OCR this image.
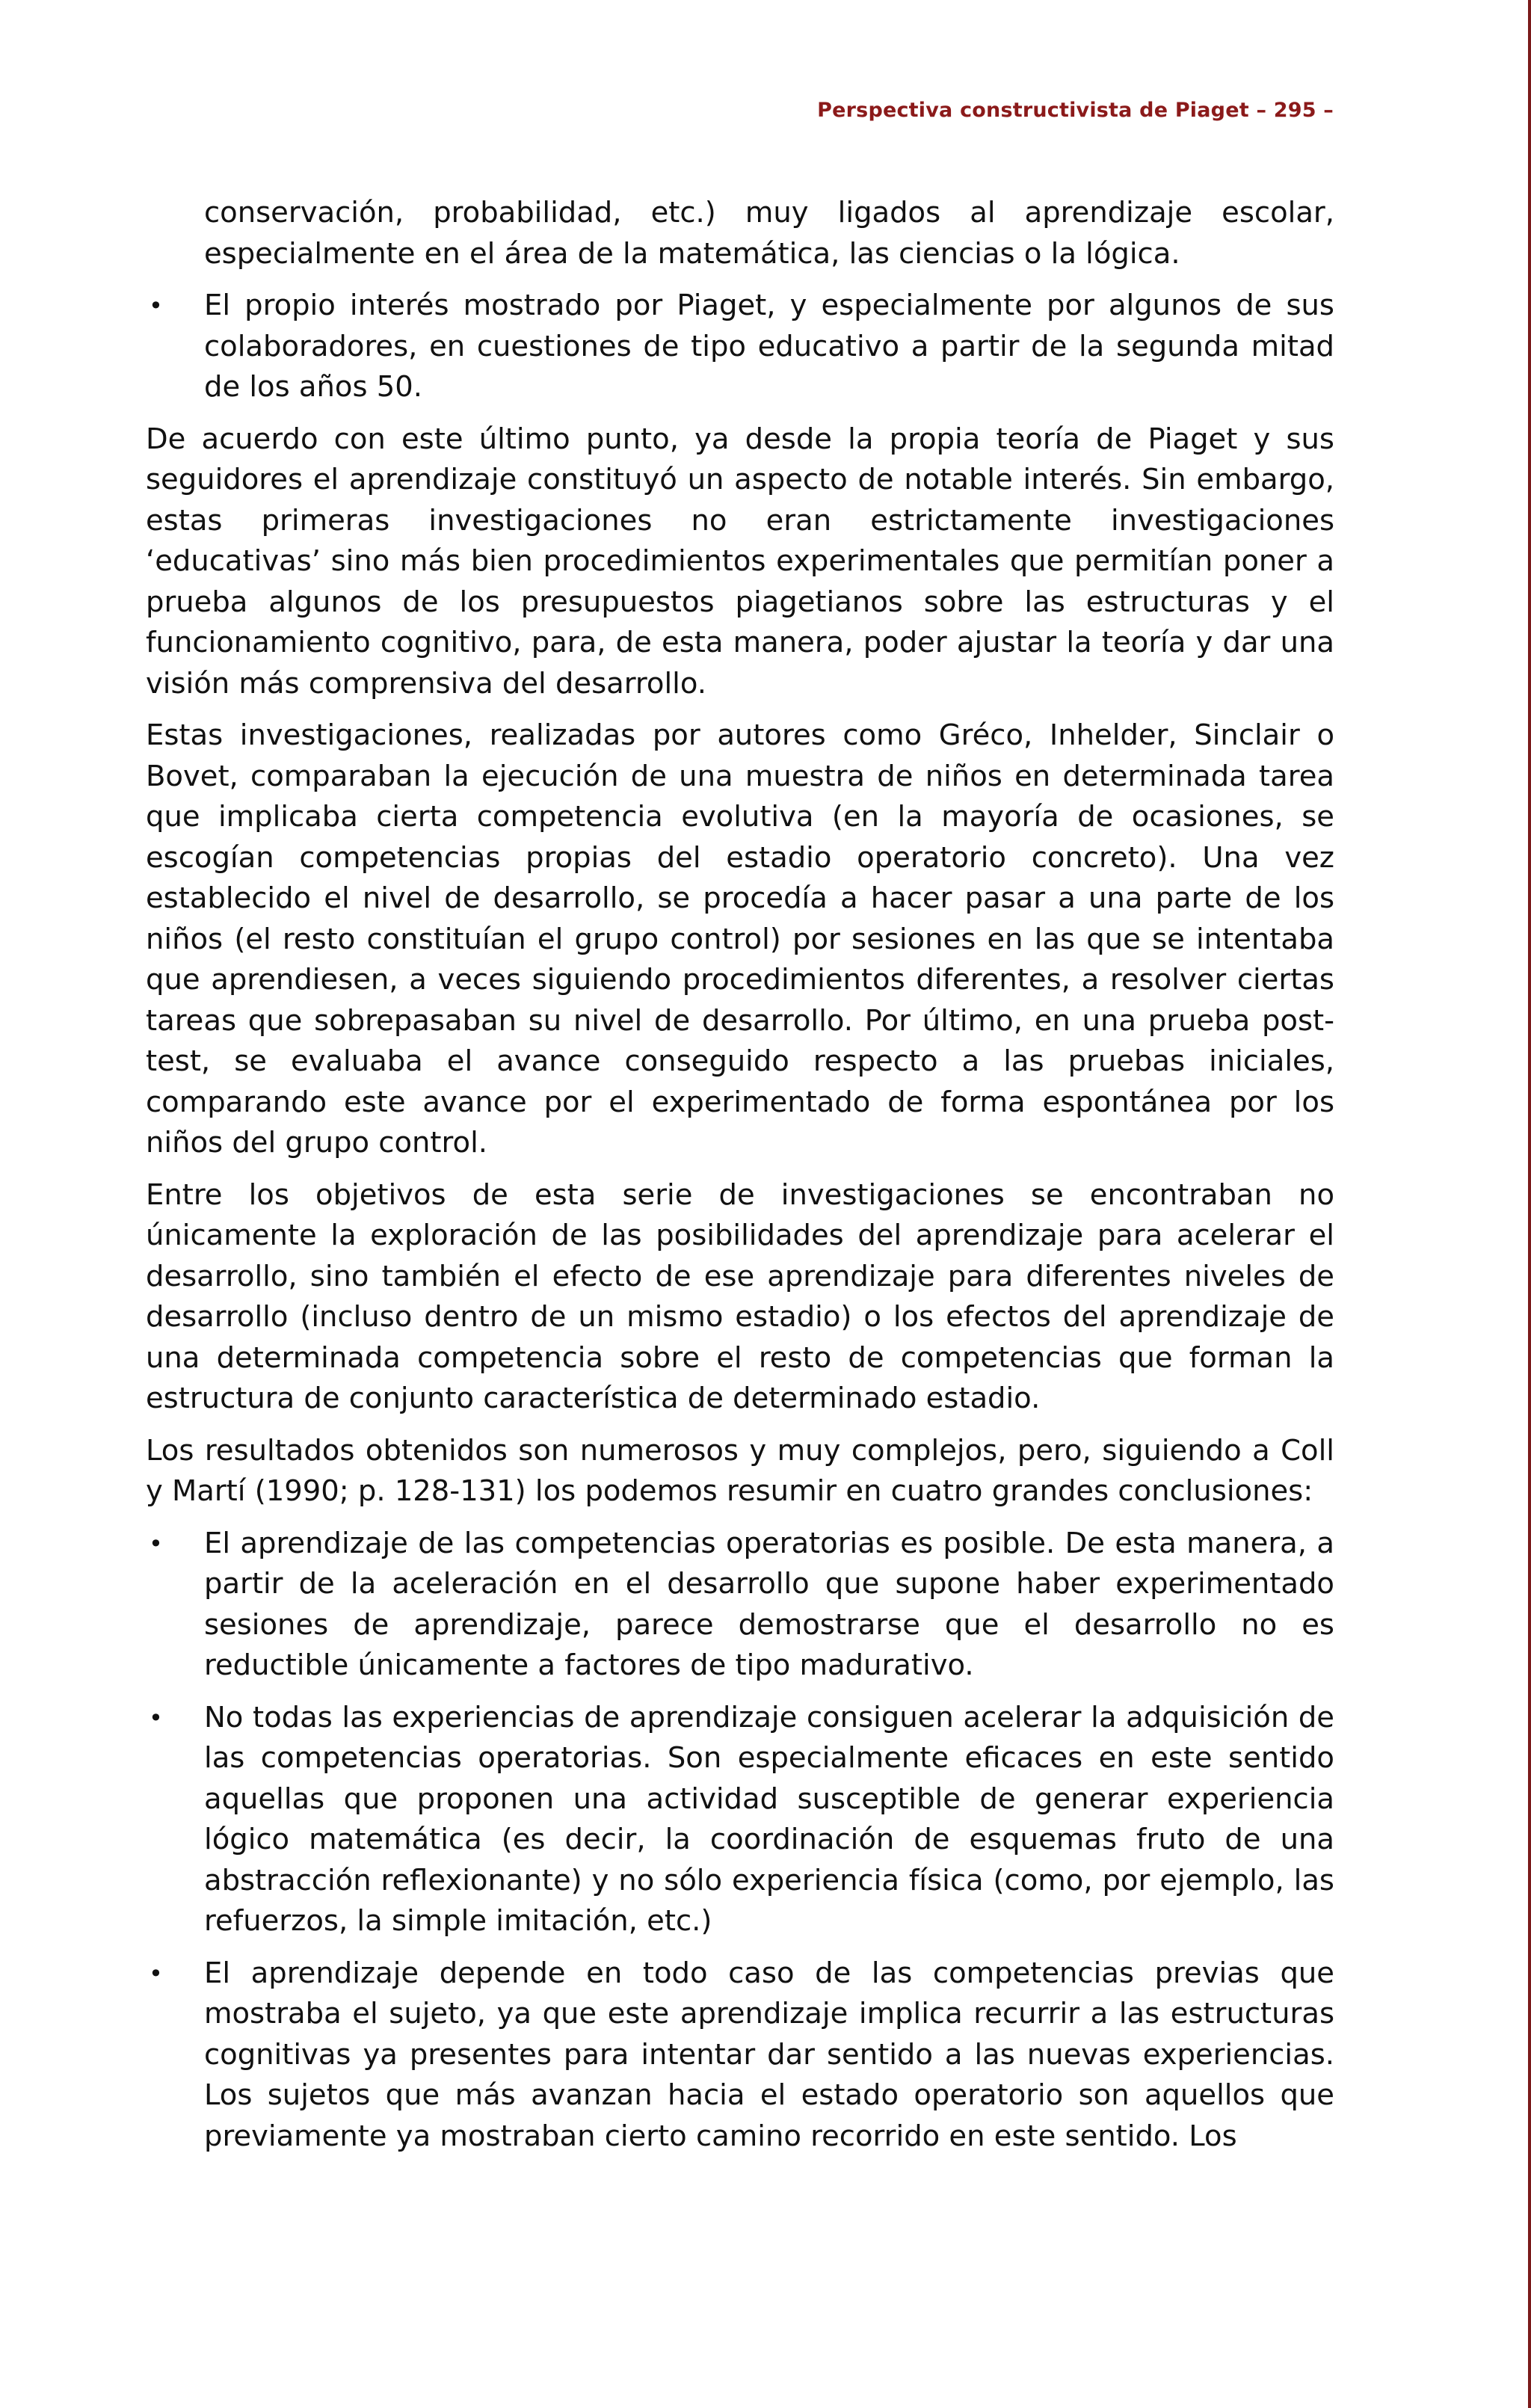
Perspectiva constructivista de Piaget – 295 –
conservación, probabilidad, etc.) muy ligados al aprendizaje escolar, especialmente en el área de la matemática, las ciencias o la lógica.
• El propio interés mostrado por Piaget, y especialmente por algunos de sus colaboradores, en cuestiones de tipo educativo a partir de la segunda mitad de los años 50.

De acuerdo con este último punto, ya desde la propia teoría de Piaget y sus seguidores el aprendizaje constituyó un aspecto de notable interés. Sin embargo, estas primeras investigaciones no eran estrictamente investigaciones ‘educativas’ sino más bien procedimientos experimentales que permitían poner a prueba algunos de los presupuestos piagetianos sobre las estructuras y el funcionamiento cognitivo, para, de esta manera, poder ajustar la teoría y dar una visión más comprensiva del desarrollo.

Estas investigaciones, realizadas por autores como Gréco, Inhelder, Sinclair o Bovet, comparaban la ejecución de una muestra de niños en determinada tarea que implicaba cierta competencia evolutiva (en la mayoría de ocasiones, se escogían competencias propias del estadio operatorio concreto). Una vez establecido el nivel de desarrollo, se procedía a hacer pasar a una parte de los niños (el resto constituían el grupo control) por sesiones en las que se intentaba que aprendiesen, a veces siguiendo procedimientos diferentes, a resolver ciertas tareas que sobrepasaban su nivel de desarrollo. Por último, en una prueba post-test, se evaluaba el avance conseguido respecto a las pruebas iniciales, comparando este avance por el experimentado de forma espontánea por los niños del grupo control.

Entre los objetivos de esta serie de investigaciones se encontraban no únicamente la exploración de las posibilidades del aprendizaje para acelerar el desarrollo, sino también el efecto de ese aprendizaje para diferentes niveles de desarrollo (incluso dentro de un mismo estadio) o los efectos del aprendizaje de una determinada competencia sobre el resto de competencias que forman la estructura de conjunto característica de determinado estadio.

Los resultados obtenidos son numerosos y muy complejos, pero, siguiendo a Coll y Martí (1990; p. 128-131) los podemos resumir en cuatro grandes conclusiones:

• El aprendizaje de las competencias operatorias es posible. De esta manera, a partir de la aceleración en el desarrollo que supone haber experimentado sesiones de aprendizaje, parece demostrarse que el desarrollo no es reductible únicamente a factores de tipo madurativo.
• No todas las experiencias de aprendizaje consiguen acelerar la adquisición de las competencias operatorias. Son especialmente eficaces en este sentido aquellas que proponen una actividad susceptible de generar experiencia lógico matemática (es decir, la coordinación de esquemas fruto de una abstracción reflexionante) y no sólo experiencia física (como, por ejemplo, las refuerzos, la simple imitación, etc.)
• El aprendizaje depende en todo caso de las competencias previas que mostraba el sujeto, ya que este aprendizaje implica recurrir a las estructuras cognitivas ya presentes para intentar dar sentido a las nuevas experiencias. Los sujetos que más avanzan hacia el estado operatorio son aquellos que previamente ya mostraban cierto camino recorrido en este sentido. Los
